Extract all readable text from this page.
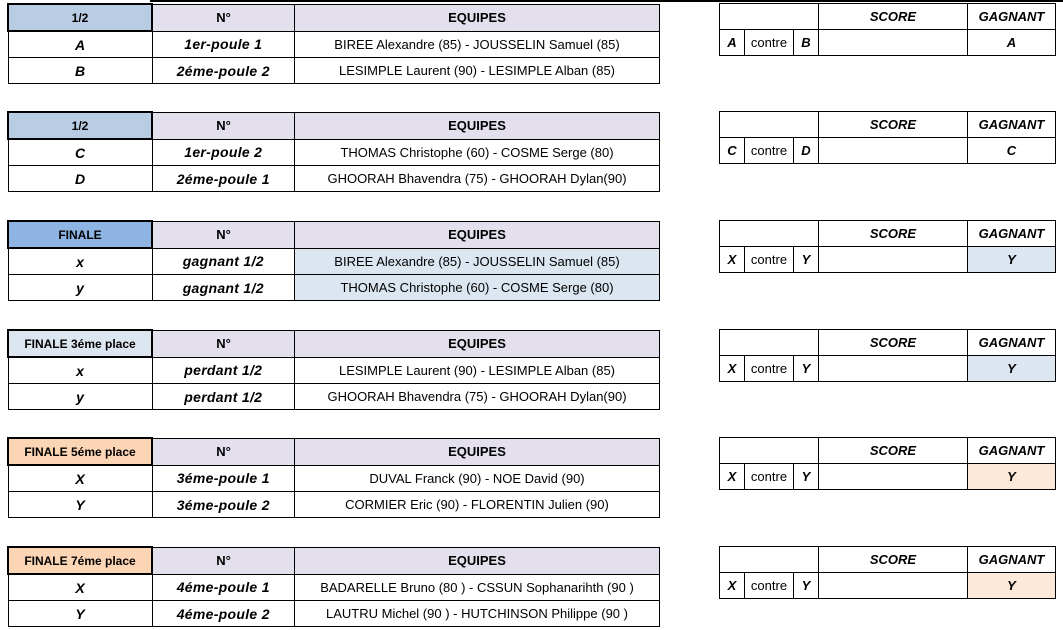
1/2	N°	EQUIPES
A	1er-poule 1	BIREE Alexandre (85) - JOUSSELIN Samuel (85)
B	2éme-poule 2	LESIMPLE Laurent (90) - LESIMPLE Alban (85)
			SCORE	GAGNANT
A	contre	B		A
1/2	N°	EQUIPES
C	1er-poule 2	THOMAS Christophe (60) - COSME Serge (80)
D	2éme-poule 1	GHOORAH Bhavendra (75) - GHOORAH Dylan(90)
			SCORE	GAGNANT
C	contre	D		C
FINALE	N°	EQUIPES
x	gagnant 1/2	BIREE Alexandre (85) - JOUSSELIN Samuel (85)
y	gagnant 1/2	THOMAS Christophe (60) - COSME Serge (80)
			SCORE	GAGNANT
X	contre	Y		Y
FINALE 3éme place	N°	EQUIPES
x	perdant 1/2	LESIMPLE Laurent (90) - LESIMPLE Alban (85)
y	perdant 1/2	GHOORAH Bhavendra (75) - GHOORAH Dylan(90)
			SCORE	GAGNANT
X	contre	Y		Y
FINALE 5éme place	N°	EQUIPES
X	3éme-poule 1	DUVAL Franck (90) - NOE David (90)
Y	3éme-poule 2	CORMIER Eric (90) - FLORENTIN Julien (90)
			SCORE	GAGNANT
X	contre	Y		Y
FINALE 7éme place	N°	EQUIPES
X	4éme-poule 1	BADARELLE Bruno (80 ) - CSSUN Sophanarihth (90 )
Y	4éme-poule 2	LAUTRU Michel (90 ) - HUTCHINSON Philippe (90 )
			SCORE	GAGNANT
X	contre	Y		Y
